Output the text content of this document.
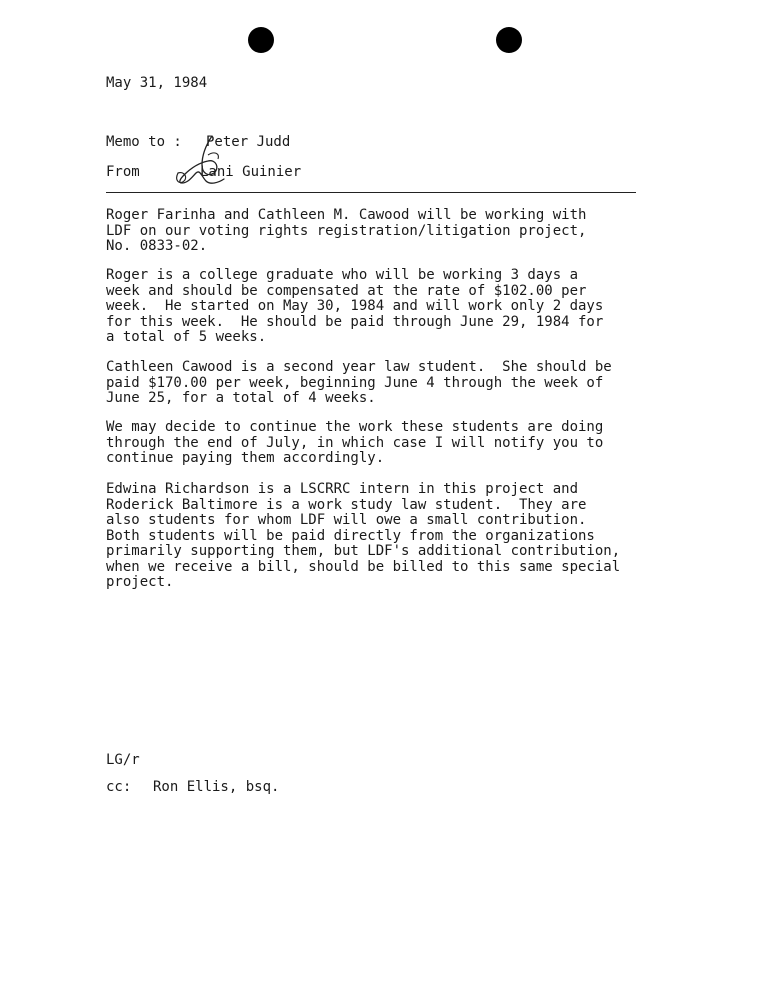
May 31, 1984
Memo to : Peter Judd
From	Lani Guinier
Roger Farinha and Cathleen M. Cawood will be working with
LDF on our voting rights registration/litigation project,
No. 0833-02.
Roger is a college graduate who will be working 3 days a
week and should be compensated at the rate of $102.00 per
week.  He started on May 30, 1984 and will work only 2 days
for this week.  He should be paid through June 29, 1984 for
a total of 5 weeks.
Cathleen Cawood is a second year law student.  She should be
paid $170.00 per week, beginning June 4 through the week of
June 25, for a total of 4 weeks.
We may decide to continue the work these students are doing
through the end of July, in which case I will notify you to
continue paying them accordingly.
Edwina Richardson is a LSCRRC intern in this project and
Roderick Baltimore is a work study law student.  They are
also students for whom LDF will owe a small contribution.
Both students will be paid directly from the organizations
primarily supporting them, but LDF's additional contribution,
when we receive a bill, should be billed to this same special
project.
LG/r
cc: Ron Ellis, bsq.
